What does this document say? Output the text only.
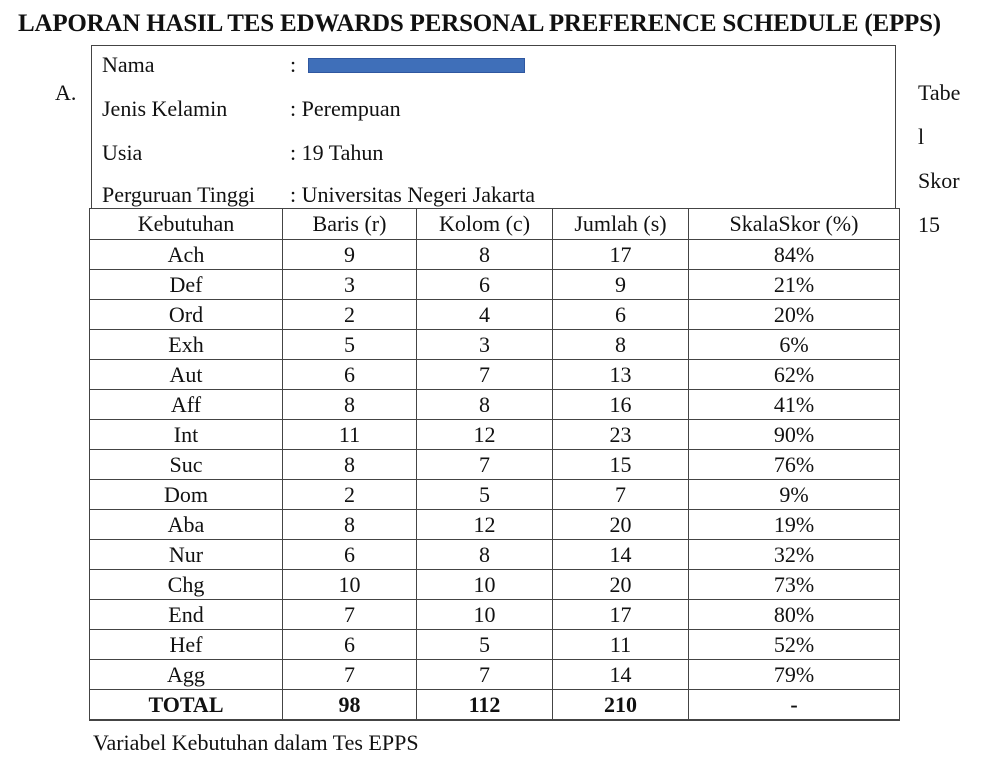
LAPORAN HASIL TES EDWARDS PERSONAL PREFERENCE SCHEDULE (EPPS)
A.	Tabe
l
Skor
15
Nama	:
Jenis Kelamin	: Perempuan
Usia	: 19 Tahun
Perguruan Tinggi : Universitas Negeri Jakarta
Kebutuhan	Baris (r)	Kolom (c)	Jumlah (s)	SkalaSkor (%)
Ach	9	8	17	84%
Def	3	6	9	21%
Ord	2	4	6	20%
Exh	5	3	8	6%
Aut	6	7	13	62%
Aff	8	8	16	41%
Int	11	12	23	90%
Suc	8	7	15	76%
Dom	2	5	7	9%
Aba	8	12	20	19%
Nur	6	8	14	32%
Chg	10	10	20	73%
End	7	10	17	80%
Hef	6	5	11	52%
Agg	7	7	14	79%
TOTAL	98	112	210	-
Variabel Kebutuhan dalam Tes EPPS
